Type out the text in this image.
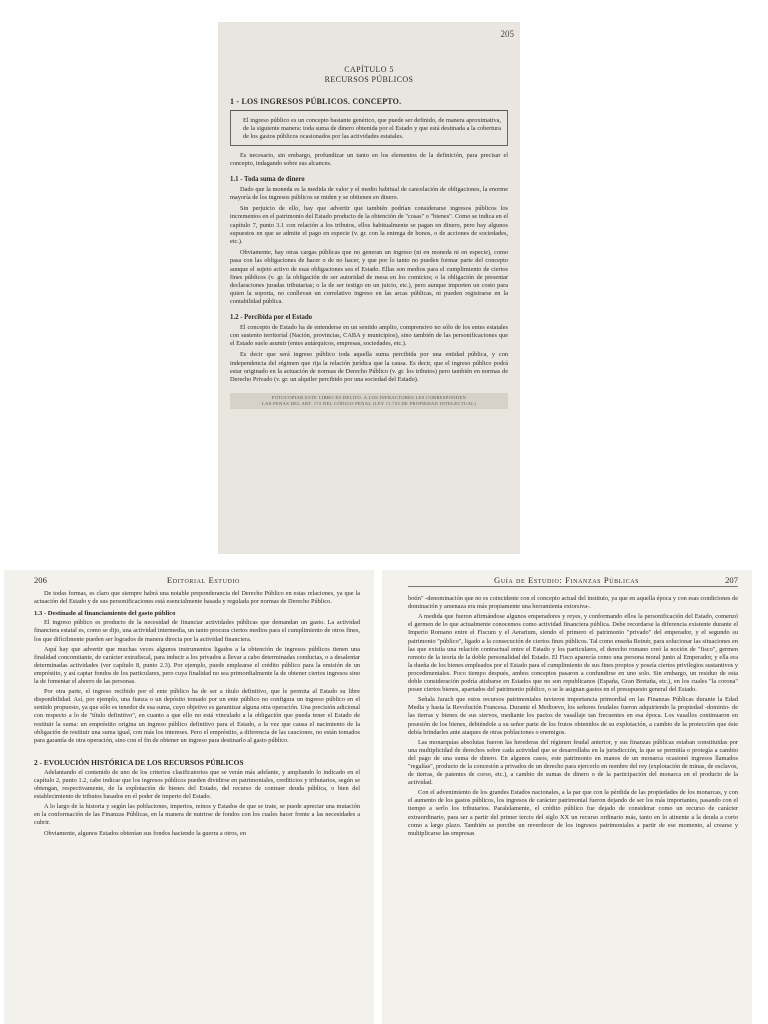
205
CAPÍTULO 5
RECURSOS PÚBLICOS
1 - LOS INGRESOS PÚBLICOS. CONCEPTO.
El ingreso público es un concepto bastante genérico, que puede ser definido, de manera aproximativa, de la siguiente manera: toda suma de dinero obtenida por el Estado y que está destinada a la cobertura de los gastos públicos ocasionados por las actividades estatales.

Es necesario, sin embargo, profundizar un tanto en los elementos de la definición, para precisar el concepto, indagando sobre sus alcances.

1.1 - Toda suma de dinero

Dado que la moneda es la medida de valor y el medio habitual de cancelación de obligaciones, la enorme mayoría de los ingresos públicos se miden y se obtienen en dinero.

Sin perjuicio de ello, hay que advertir que también podrían considerarse ingresos públicos los incrementos en el patrimonio del Estado producto de la obtención de "cosas" o "bienes". Como se indica en el capítulo 7, punto 3.1 con relación a los tributos, ellos habitualmente se pagan en dinero, pero hay algunos supuestos en que se admite el pago en especie (v. gr. con la entrega de bonos, o de acciones de sociedades, etc.).

Obviamente, hay otras cargas públicas que no generan un ingreso (ni en moneda ni en especie), como pasa con las obligaciones de hacer o de no hacer, y que por lo tanto no pueden formar parte del concepto aunque el sujeto activo de esas obligaciones sea el Estado. Ellas son medios para el cumplimiento de ciertos fines públicos (v. gr. la obligación de ser autoridad de mesa en los comicios; o la obligación de presentar declaraciones juradas tributarias; o la de ser testigo en un juicio, etc.), pero aunque importen un costo para quien la soporta, no conllevan un correlativo ingreso en las arcas públicas, ni pueden registrarse en la contabilidad pública.

1.2 - Percibida por el Estado

El concepto de Estado ha de entenderse en un sentido amplio, comprensivo no sólo de los entes estatales con sustento territorial (Nación, provincias, CABA y municipios), sino también de las personificaciones que el Estado suele asumir (entes autárquicos, empresas, sociedades, etc.).

Es decir que será ingreso público toda aquella suma percibida por una entidad pública, y con independencia del régimen que rija la relación jurídica que la causa. Es decir, que el ingreso público podrá estar originado en la actuación de normas de Derecho Público (v. gr. los tributos) pero también en normas de Derecho Privado (v. gr. un alquiler percibido por una sociedad del Estado).

FOTOCOPIAR ESTE LIBRO ES DELITO. A LOS INFRACTORES LES CORRESPONDEN
LAS PENAS DEL ART. 172 DEL CÓDIGO PENAL (LEY 11.723 DE PROPIEDAD INTELECTUAL)
206	Editorial Estudio

De todas formas, es claro que siempre habrá una notable preponderancia del Derecho Público en estas relaciones, ya que la actuación del Estado y de sus personificaciones está esencialmente basada y regulada por normas de Derecho Público.

1.3 - Destinado al financiamiento del gasto público

El ingreso público es producto de la necesidad de financiar actividades públicas que demandan un gasto. La actividad financiera estatal es, como se dijo, una actividad intermedia, un tanto procura ciertos medios para el cumplimiento de otros fines, los que difícilmente pueden ser logrados de manera directa por la actividad financiera.

Aquí hay que advertir que muchas veces algunos instrumentos ligados a la obtención de ingresos públicos tienen una finalidad concomitante, de carácter extrafiscal, para inducir a los privados a llevar a cabo determinadas conductas, o a desalentar determinadas actividades (ver capítulo 8, punto 2.3). Por ejemplo, puede emplearse el crédito público para la emisión de un empréstito, y así captar fondos de los particulares, pero cuya finalidad no sea primordialmente la de obtener ciertos ingresos sino la de fomentar el ahorro de las personas.

Por otra parte, el ingreso recibido por el ente público ha de ser a título definitivo, que le permita al Estado su libre disponibilidad. Así, por ejemplo, una fianza o un depósito tomado por un ente público no configura un ingreso público en el sentido propuesto, ya que sólo es tenedor de esa suma, cuyo objetivo es garantizar alguna otra operación. Una precisión adicional con respecto a lo de "título definitivo", en cuanto a que ello no está vinculado a la obligación que pueda tener el Estado de restituir la suma: un empréstito origina un ingreso público definitivo para el Estado, a la vez que causa el nacimiento de la obligación de restituir una suma igual, con más los intereses. Pero el empréstito, a diferencia de las cauciones, no están tomados para garantía de otra operación, sino con el fin de obtener un ingreso para destinarlo al gasto público.

2 - EVOLUCIÓN HISTÓRICA DE LOS RECURSOS PÚBLICOS

Adelantando el contenido de uno de los criterios clasificatorios que se verán más adelante, y ampliando lo indicado en el capítulo 2, punto 1.2, cabe indicar que los ingresos públicos pueden dividirse en patrimoniales, crediticios y tributarios, según se obtengan, respectivamente, de la explotación de bienes del Estado, del recurso de contraer deuda pública, o bien del establecimiento de tributos basados en el poder de imperio del Estado.

A lo largo de la historia y según las poblaciones, imperios, reinos y Estados de que se trate, se puede apreciar una mutación en la conformación de las Finanzas Públicas, en la manera de nutrirse de fondos con los cuales hacer frente a las necesidades a cubrir.

Obviamente, algunos Estados obtenían sus fondos haciendo la guerra a otros, en

Guía de Estudio: Finanzas Públicas	207

botín" -denominación que no es coincidente con el concepto actual del instituto, ya que en aquella época y con esas condiciones de dominación y amenaza era más propiamente una herramienta extorsiva-.

A medida que fueron afirmándose algunos emperadores y reyes, y conformando ellos la personificación del Estado, comenzó el germen de lo que actualmente conocemos como actividad financiera pública. Debe recordarse la diferencia existente durante el Imperio Romano entre el Fiscum y el Aerarium, siendo el primero el patrimonio "privado" del emperador, y el segundo su patrimonio "público", ligado a la consecución de ciertos fines públicos. Tal como enseña Reinér, para solucionar las situaciones en las que existía una relación contractual entre el Estado y los particulares, el derecho romano creó la noción de "fisco", germen remoto de la teoría de la doble personalidad del Estado. El Fisco aparecía como una persona moral junto al Emperador, y ella era la dueña de los bienes empleados por el Estado para el cumplimiento de sus fines propios y poseía ciertos privilegios sustantivos y procedimentales. Poco tiempo después, ambos conceptos pasaron a confundirse en uno solo. Sin embargo, un residuo de esta doble consideración podría atisbarse en Estados que no son republicanos (España, Gran Bretaña, etc.), en los cuales "la corona" posee ciertos bienes, apartados del patrimonio público, o se le asignan gastos en el presupuesto general del Estado.

Señala Jarach que estos recursos patrimoniales tuvieron importancia primordial en las Finanzas Públicas durante la Edad Media y hasta la Revolución Francesa. Durante el Medioevo, los señores feudales fueron adquiriendo la propiedad -dominio- de las tierras y bienes de sus siervos, mediante los pactos de vasallaje tan frecuentes en esa época. Los vasallos continuaron en posesión de los bienes, debiéndole a su señor parte de los frutos obtenidos de su explotación, a cambio de la protección que éste debía brindarles ante ataques de otras poblaciones o enemigos.

Las monarquías absolutas fueron las herederas del régimen feudal anterior, y sus finanzas públicas estaban constituidas por una multiplicidad de derechos sobre cada actividad que se desarrollaba en la jurisdicción, la que se permitía o protegía a cambio del pago de una suma de dinero. En algunos casos, este patrimonio en manos de un monarca ocasionó ingresos llamados "regalías", producto de la concesión a privados de un derecho para ejercerlo en nombre del rey (explotación de minas, de esclavos, de tierras, de patentes de corso, etc.), a cambio de sumas de dinero o de la participación del monarca en el producto de la actividad.

Con el advenimiento de los grandes Estados nacionales, a la par que con la pérdida de las propiedades de los monarcas, y con el aumento de los gastos públicos, los ingresos de carácter patrimonial fueron dejando de ser los más importantes, pasando con el tiempo a serlo los tributarios. Paralelamente, el crédito público fue dejado de considerar como un recurso de carácter extraordinario, para ser a partir del primer tercio del siglo XX un recurso ordinario más, tanto en lo atinente a la deuda a corto como a largo plazo. También se percibe un reverdecer de los ingresos patrimoniales a partir de ese momento, al crearse y multiplicarse las empresas
